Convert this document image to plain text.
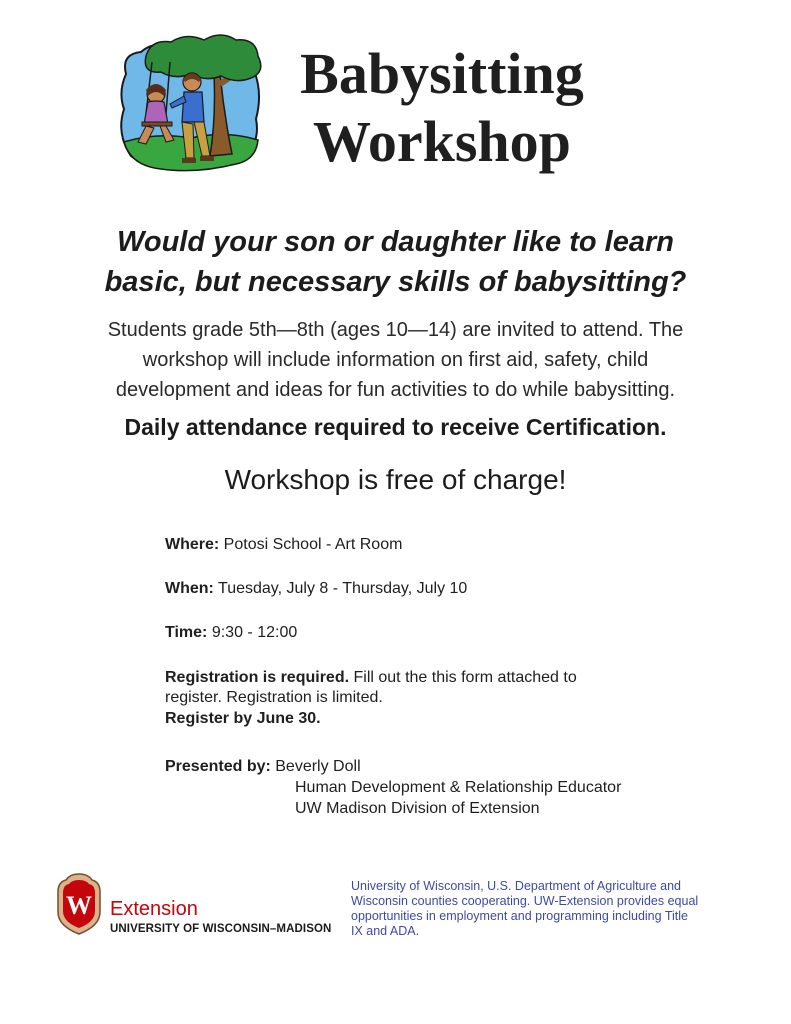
Babysitting
Workshop
Would your son or daughter like to learn
basic, but necessary skills of babysitting?
Students grade 5th—8th (ages 10—14) are invited to attend. The
workshop will include information on first aid, safety, child
development and ideas for fun activities to do while babysitting.
Daily attendance required to receive Certification.
Workshop is free of charge!
Where: Potosi School - Art Room
When: Tuesday, July 8 - Thursday, July 10
Time: 9:30 - 12:00
Registration is required. Fill out the this form attached to
register. Registration is limited.
Register by June 30.
Presented by: Beverly Doll
Human Development & Relationship Educator
UW Madison Division of Extension
W Extension
UNIVERSITY OF WISCONSIN–MADISON
University of Wisconsin, U.S. Department of Agriculture and
Wisconsin counties cooperating. UW-Extension provides equal
opportunities in employment and programming including Title
IX and ADA.
